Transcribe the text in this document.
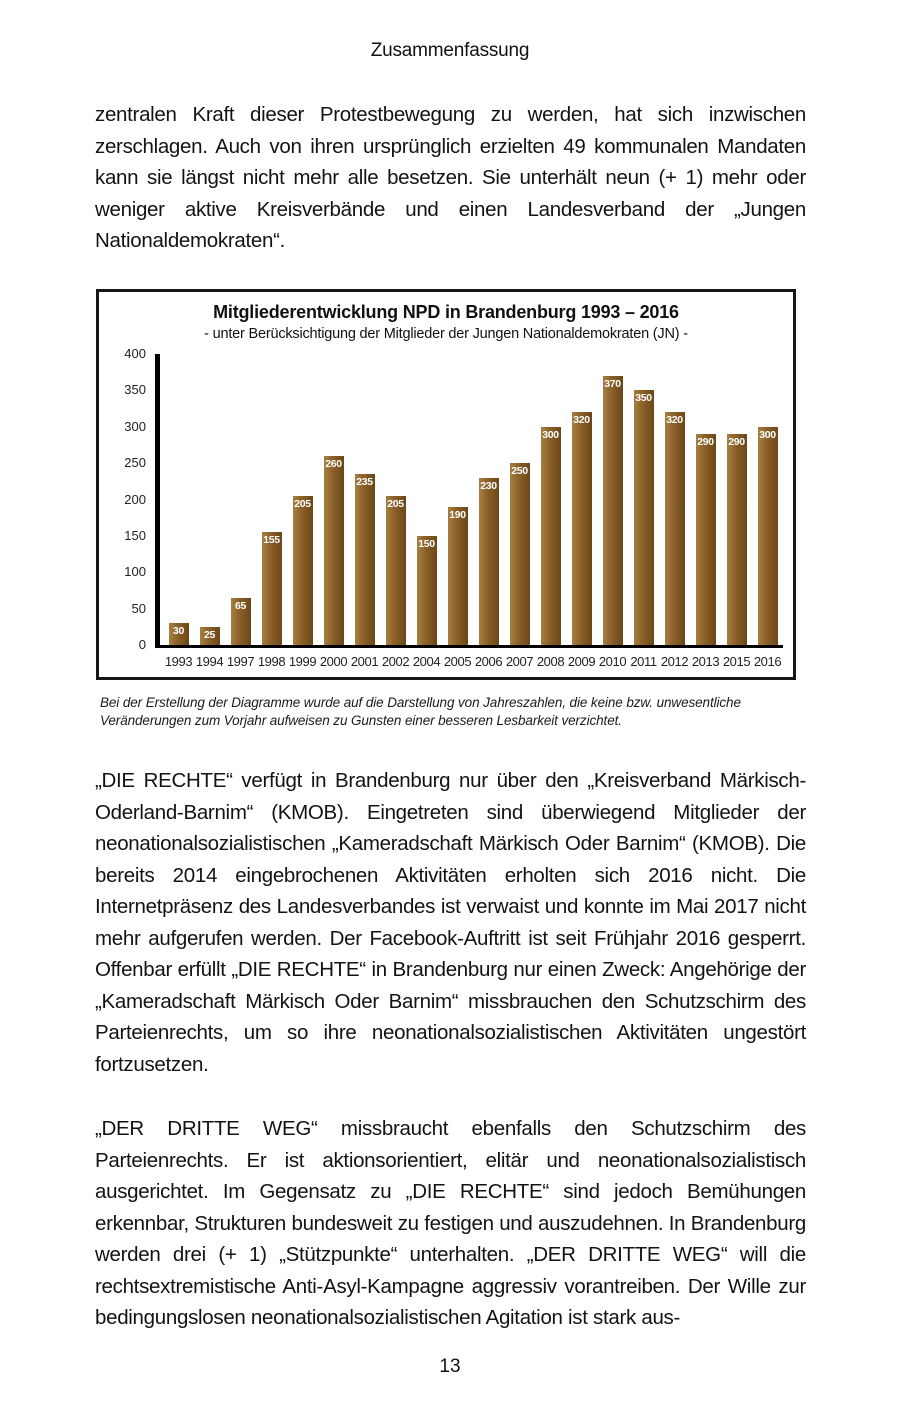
Zusammenfassung
zentralen Kraft dieser Protestbewegung zu werden, hat sich inzwischen zerschlagen. Auch von ihren ursprünglich erzielten 49 kommunalen Mandaten kann sie längst nicht mehr alle besetzen. Sie unterhält neun (+ 1) mehr oder weniger aktive Kreisverbände und einen Landesverband der „Jungen Nationaldemokraten“.
Mitgliederentwicklung NPD in Brandenburg 1993 – 2016
- unter Berücksichtigung der Mitglieder der Jungen Nationaldemokraten (JN) -
400
350
300
250
200
150
100
50
0
30	25
65
155
205
260
235
205
150
190
230
250
300
320
370
350
320
290 290
300
1993 1994 1997 1998 1999 2000 2001 2002 2004 2005 2006 2007 2008 2009 2010 2011 2012 2013 2015 2016
Bei der Erstellung der Diagramme wurde auf die Darstellung von Jahreszahlen, die keine bzw. unwesentliche Veränderungen zum Vorjahr aufweisen zu Gunsten einer besseren Lesbarkeit verzichtet.
„DIE RECHTE“ verfügt in Brandenburg nur über den „Kreisverband Märkisch-Oderland-Barnim“ (KMOB). Eingetreten sind überwiegend Mitglieder der neonationalsozialistischen „Kameradschaft Märkisch Oder Barnim“ (KMOB). Die bereits 2014 eingebrochenen Aktivitäten erholten sich 2016 nicht. Die Internetpräsenz des Landesverbandes ist verwaist und konnte im Mai 2017 nicht mehr aufgerufen werden. Der Facebook-Auftritt ist seit Frühjahr 2016 gesperrt. Offenbar erfüllt „DIE RECHTE“ in Brandenburg nur einen Zweck: Angehörige der „Kameradschaft Märkisch Oder Barnim“ missbrauchen den Schutzschirm des Parteienrechts, um so ihre neonationalsozialistischen Aktivitäten ungestört fortzusetzen.
„DER DRITTE WEG“ missbraucht ebenfalls den Schutzschirm des Parteienrechts. Er ist aktionsorientiert, elitär und neonationalsozialistisch ausgerichtet. Im Gegensatz zu „DIE RECHTE“ sind jedoch Bemühungen erkennbar, Strukturen bundesweit zu festigen und auszudehnen. In Brandenburg werden drei (+ 1) „Stützpunkte“ unterhalten. „DER DRITTE WEG“ will die rechtsextremistische Anti-Asyl-Kampagne aggressiv vorantreiben. Der Wille zur bedingungslosen neonationalsozialistischen Agitation ist stark aus-
13
